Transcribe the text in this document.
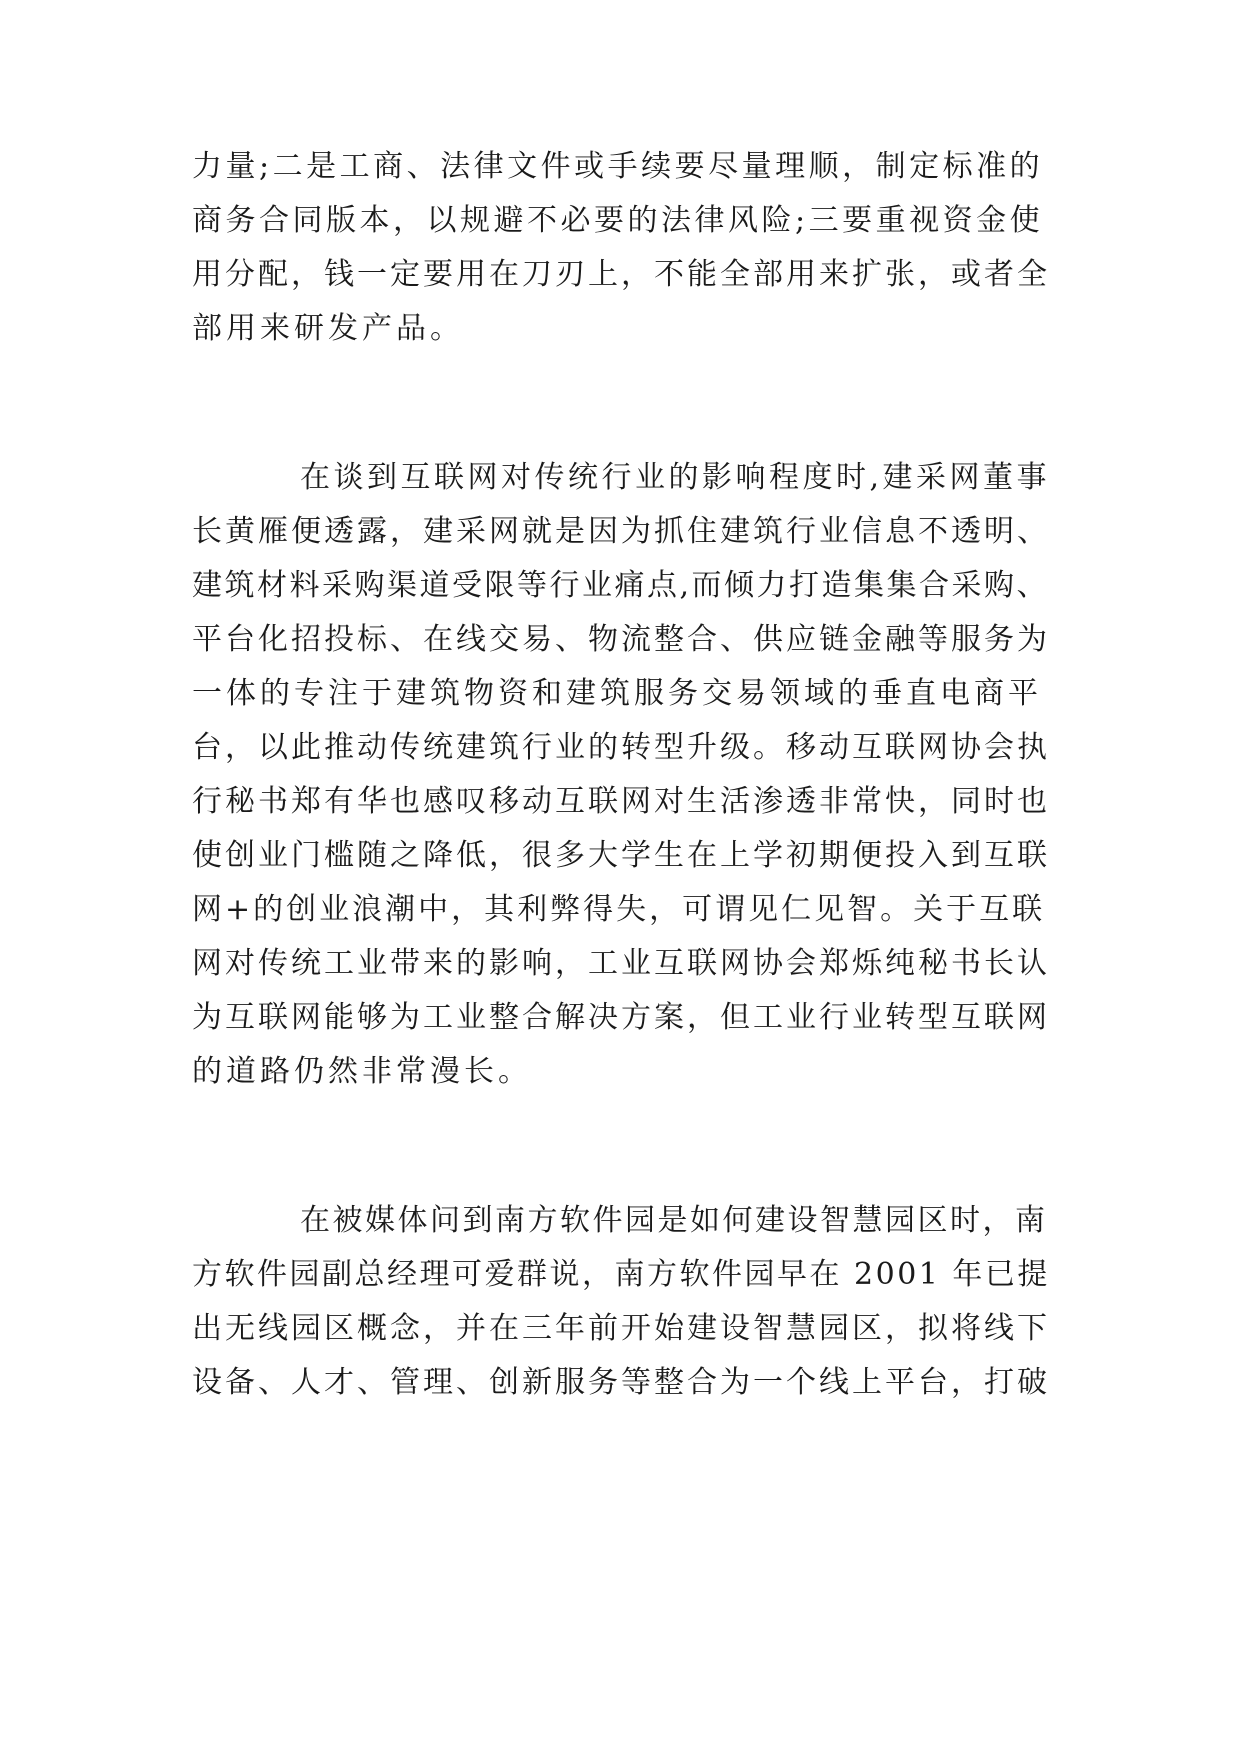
力量;二是工商、法律文件或手续要尽量理顺，制定标准的
商务合同版本，以规避不必要的法律风险;三要重视资金使
用分配，钱一定要用在刀刃上，不能全部用来扩张，或者全
部用来研发产品。
在谈到互联网对传统行业的影响程度时,建采网董事
长黄雁便透露，建采网就是因为抓住建筑行业信息不透明、
建筑材料采购渠道受限等行业痛点,而倾力打造集集合采购、
平台化招投标、在线交易、物流整合、供应链金融等服务为
一体的专注于建筑物资和建筑服务交易领域的垂直电商平
台，以此推动传统建筑行业的转型升级。移动互联网协会执
行秘书郑有华也感叹移动互联网对生活渗透非常快，同时也
使创业门槛随之降低，很多大学生在上学初期便投入到互联
网+的创业浪潮中，其利弊得失，可谓见仁见智。关于互联
网对传统工业带来的影响，工业互联网协会郑烁纯秘书长认
为互联网能够为工业整合解决方案，但工业行业转型互联网
的道路仍然非常漫长。
在被媒体问到南方软件园是如何建设智慧园区时，南
方软件园副总经理可爱群说，南方软件园早在 2001 年已提
出无线园区概念，并在三年前开始建设智慧园区，拟将线下
设备、人才、管理、创新服务等整合为一个线上平台，打破
